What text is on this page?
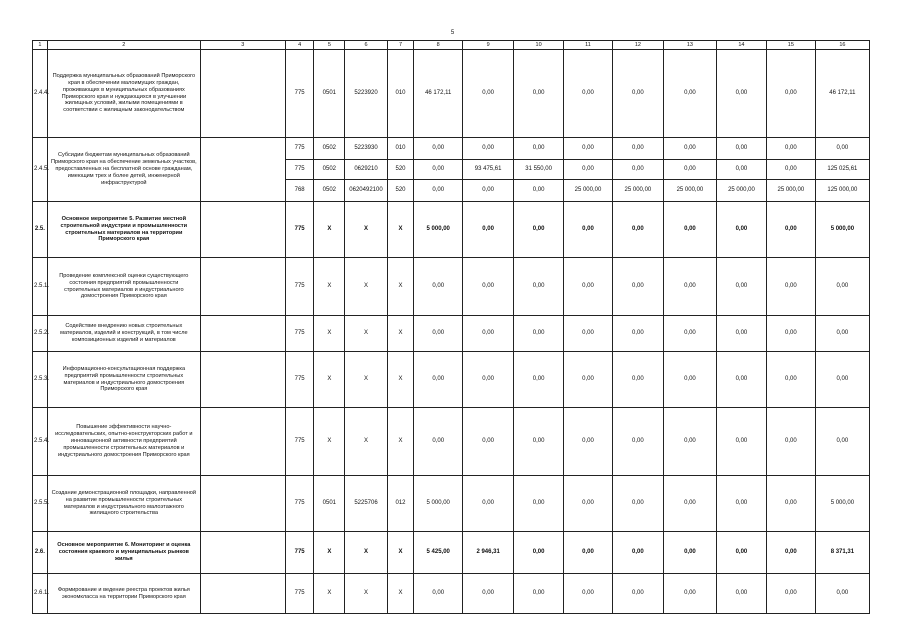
5
1	2	3	4	5	6	7	8	9	10	11	12	13	14	15	16
2.4.4.	Поддержка муниципальных образований Приморского края в обеспечении малоимущих граждан, проживающих в муниципальных образованиях Приморского края и нуждающихся в улучшении жилищных условий, жилыми помещениями в соответствии с жилищным законодательством		775	0501	5223920	010	46 172,11	0,00	0,00	0,00	0,00	0,00	0,00	0,00	46 172,11
2.4.5.	Субсидии бюджетам муниципальных образований Приморского края на обеспечение земельных участков, предоставленных на бесплатной основе гражданам, имеющим трех и более детей, инженерной инфраструктурой		775	0502	5223930	010	0,00	0,00	0,00	0,00	0,00	0,00	0,00	0,00	0,00
			775	0502	0629210	520	0,00	93 475,61	31 550,00	0,00	0,00	0,00	0,00	0,00	125 025,61
			768	0502	0620492100	520	0,00	0,00	0,00	25 000,00	25 000,00	25 000,00	25 000,00	25 000,00	125 000,00
2.5.	Основное мероприятие 5. Развитие местной строительной индустрии и промышленности строительных материалов на территории Приморского края		775	X	X	X	5 000,00	0,00	0,00	0,00	0,00	0,00	0,00	0,00	5 000,00
2.5.1.	Проведение комплексной оценки существующего состояния предприятий промышленности строительных материалов и индустриального домостроения Приморского края		775	X	X	X	0,00	0,00	0,00	0,00	0,00	0,00	0,00	0,00	0,00
2.5.2.	Содействие внедрению новых строительных материалов, изделий и конструкций, в том числе композиционных изделий и материалов		775	X	X	X	0,00	0,00	0,00	0,00	0,00	0,00	0,00	0,00	0,00
2.5.3.	Информационно-консультационная поддержка предприятий промышленности строительных материалов и индустриального домостроения Приморского края		775	X	X	X	0,00	0,00	0,00	0,00	0,00	0,00	0,00	0,00	0,00
2.5.4.	Повышение эффективности научно-исследовательских, опытно-конструкторских работ и инновационной активности предприятий промышленности строительных материалов и индустриального домостроения Приморского края		775	X	X	X	0,00	0,00	0,00	0,00	0,00	0,00	0,00	0,00	0,00
2.5.5.	Создание демонстрационной площадки, направленной на развитие промышленности строительных материалов и индустриального малоэтажного жилищного строительства		775	0501	5225706	012	5 000,00	0,00	0,00	0,00	0,00	0,00	0,00	0,00	5 000,00
2.6.	Основное мероприятие 6. Мониторинг и оценка состояния краевого и муниципальных рынков жилья		775	X	X	X	5 425,00	2 946,31	0,00	0,00	0,00	0,00	0,00	0,00	8 371,31
2.6.1.	Формирование и ведение реестра проектов жилья экономкласса на территории Приморского края		775	X	X	X	0,00	0,00	0,00	0,00	0,00	0,00	0,00	0,00	0,00
